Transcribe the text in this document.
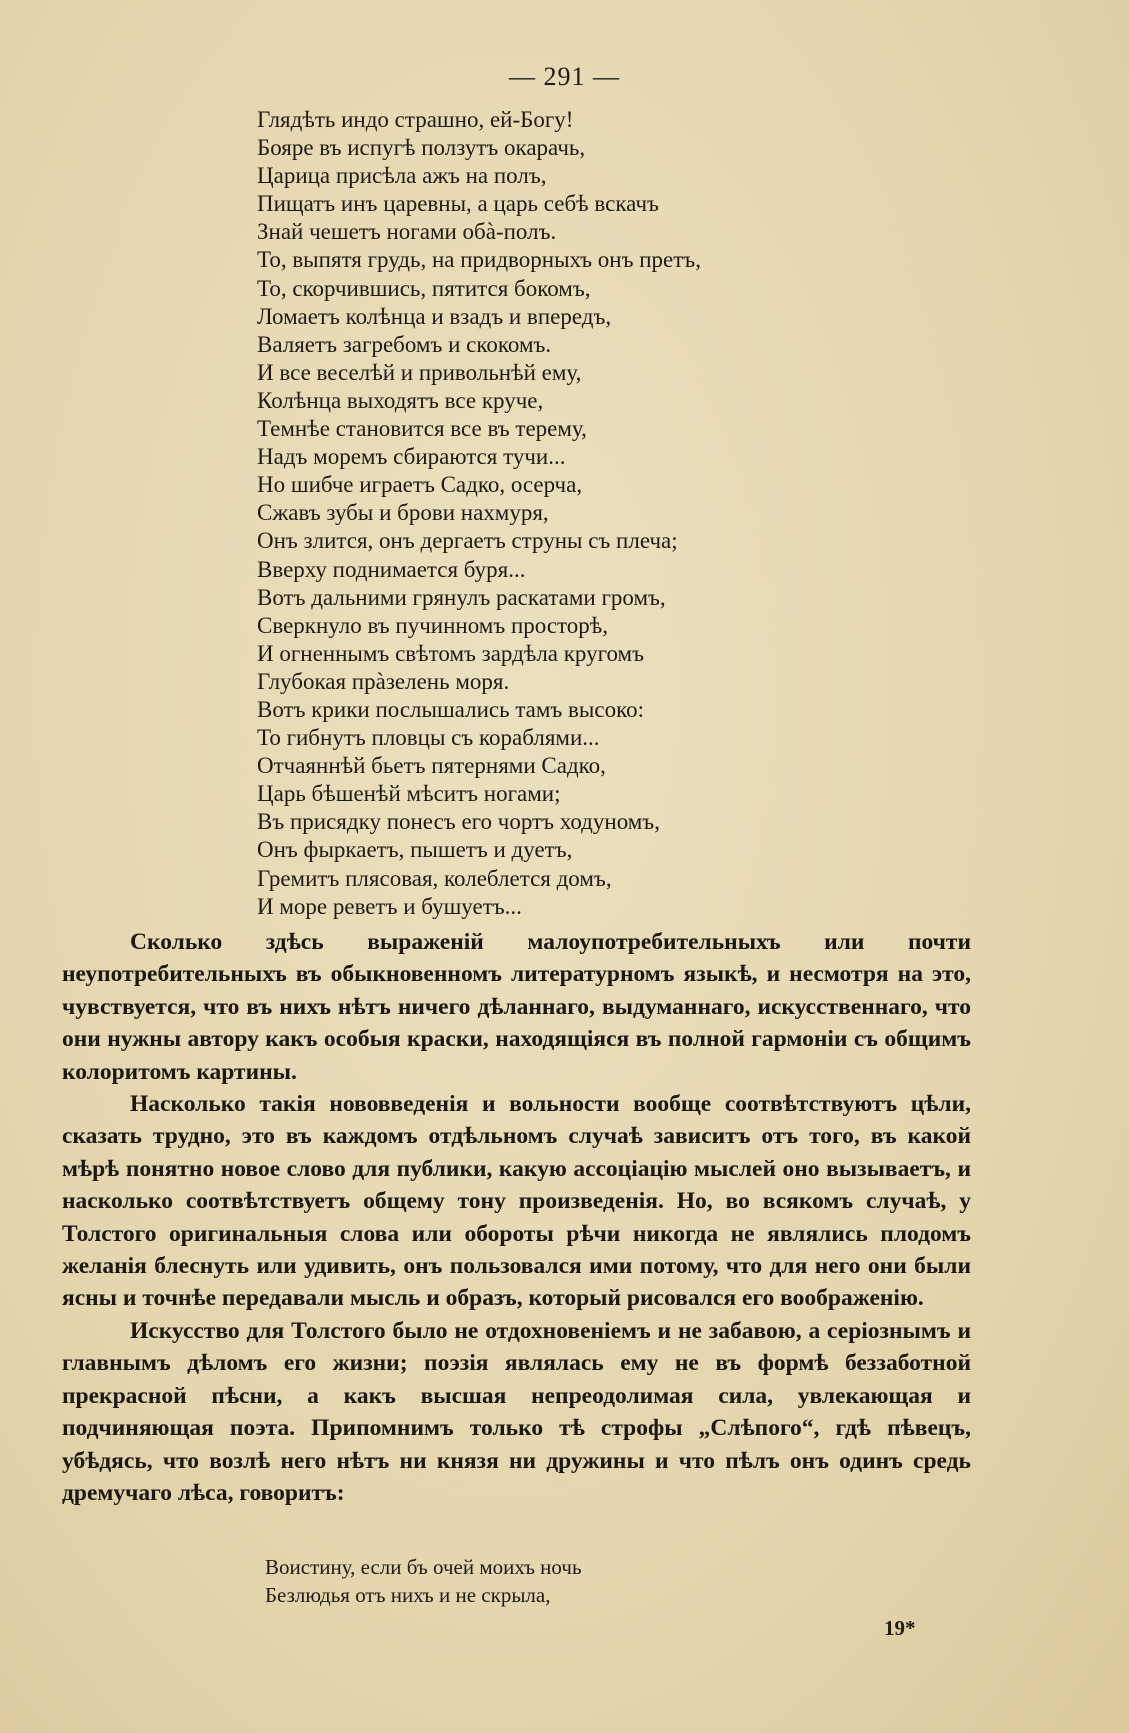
— 291 —
Глядѣть индо страшно, ей-Богу!
Бояре въ испугѣ ползутъ окарачь,
Царица присѣла ажъ на полъ,
Пищатъ инъ царевны, а царь себѣ вскачъ
Знай чешетъ ногами обà-полъ.
То, выпятя грудь, на придворныхъ онъ претъ,
То, скорчившись, пятится бокомъ,
Ломаетъ колѣнца и взадъ и впередъ,
Валяетъ загребомъ и скокомъ.
И все веселѣй и привольнѣй ему,
Колѣнца выходятъ все круче,
Темнѣе становится все въ терему,
Надъ моремъ сбираются тучи...
Но шибче играетъ Садко, осерча,
Сжавъ зубы и брови нахмуря,
Онъ злится, онъ дергаетъ струны съ плеча;
Вверху поднимается буря...
Вотъ дальними грянулъ раскатами громъ,
Сверкнуло въ пучинномъ просторѣ,
И огненнымъ свѣтомъ зардѣла кругомъ
Глубокая прàзелень моря.
Вотъ крики послышались тамъ высоко:
То гибнутъ пловцы съ кораблями...
Отчаяннѣй бьетъ пятернями Садко,
Царь бѣшенѣй мѣситъ ногами;
Въ присядку понесъ его чортъ ходуномъ,
Онъ фыркаетъ, пышетъ и дуетъ,
Гремитъ плясовая, колеблется домъ,
И море реветъ и бушуетъ...

Сколько здѣсь выраженій малоупотребительныхъ или почти неупотребительныхъ въ обыкновенномъ литературномъ языкѣ, и несмотря на это, чувствуется, что въ нихъ нѣтъ ничего дѣланнаго, выдуманнаго, искусственнаго, что они нужны автору какъ особыя краски, находящіяся въ полной гармоніи съ общимъ колоритомъ картины.

Насколько такія нововведенія и вольности вообще соотвѣтствуютъ цѣли, сказать трудно, это въ каждомъ отдѣльномъ случаѣ зависитъ отъ того, въ какой мѣрѣ понятно новое слово для публики, какую ассоціацію мыслей оно вызываетъ, и насколько соотвѣтствуетъ общему тону произведенія. Но, во всякомъ случаѣ, у Толстого оригинальныя слова или обороты рѣчи никогда не являлись плодомъ желанія блеснуть или удивить, онъ пользовался ими потому, что для него они были ясны и точнѣе передавали мысль и образъ, который рисовался его воображенію.

Искусство для Толстого было не отдохновеніемъ и не забавою, а серіознымъ и главнымъ дѣломъ его жизни; поэзія являлась ему не въ формѣ беззаботной прекрасной пѣсни, а какъ высшая непреодолимая сила, увлекающая и подчиняющая поэта. Припомнимъ только тѣ строфы „Слѣпого“, гдѣ пѣвецъ, убѣдясь, что возлѣ него нѣтъ ни князя ни дружины и что пѣлъ онъ одинъ средь дремучаго лѣса, говоритъ:

Воистину, если бъ очей моихъ ночь
Безлюдья отъ нихъ и не скрыла,
19*
